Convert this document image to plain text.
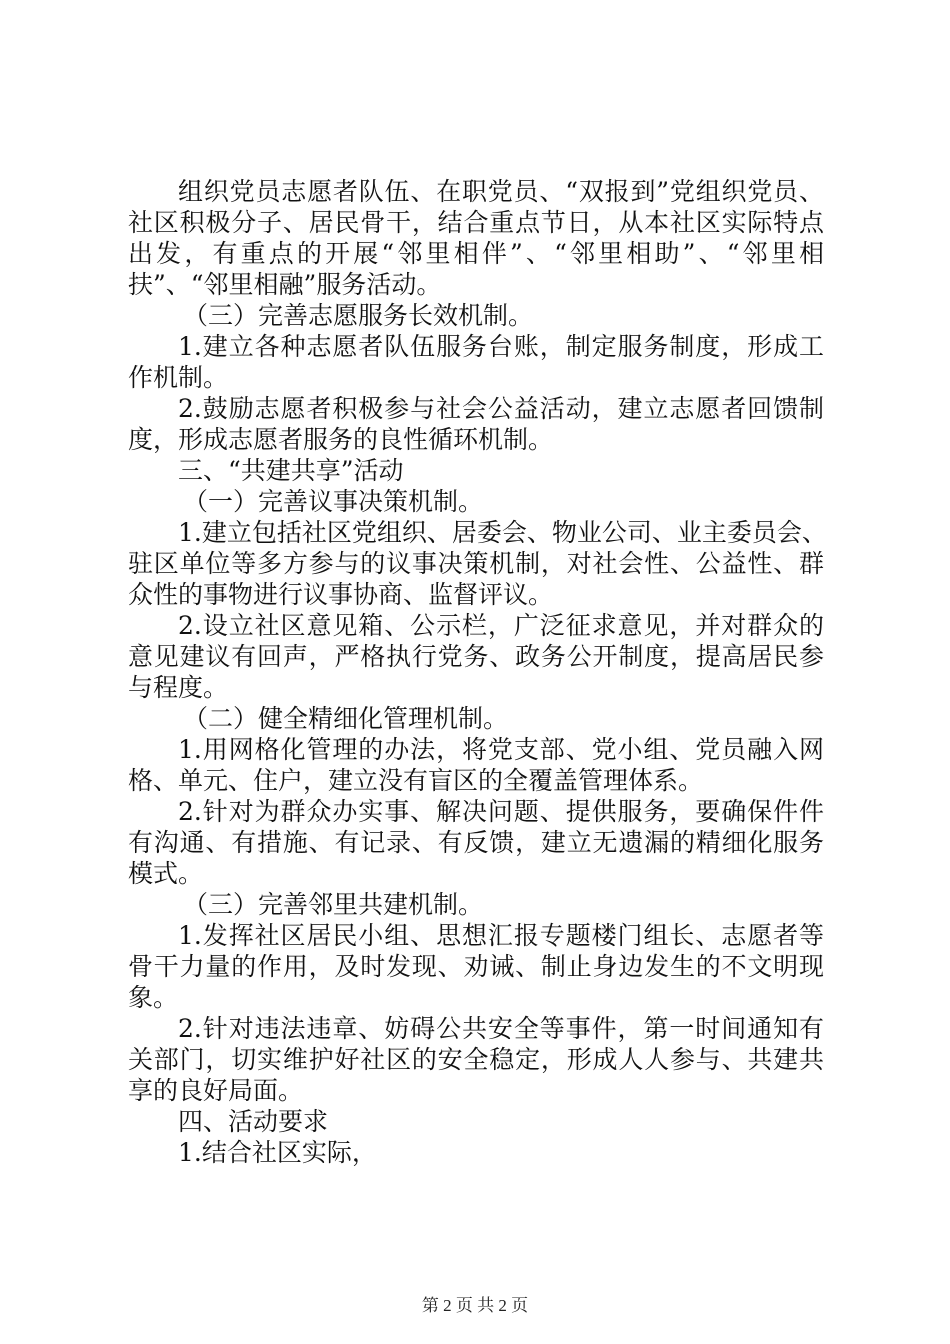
组织党员志愿者队伍、在职党员、“双报到”党组织党员、
社区积极分子、居民骨干，结合重点节日，从本社区实际特点
出发，有重点的开展“邻里相伴”、“邻里相助”、“邻里相
扶”、“邻里相融”服务活动。
（三）完善志愿服务长效机制。
1.建立各种志愿者队伍服务台账，制定服务制度，形成工
作机制。
2.鼓励志愿者积极参与社会公益活动，建立志愿者回馈制
度，形成志愿者服务的良性循环机制。
三、“共建共享”活动
（一）完善议事决策机制。
1.建立包括社区党组织、居委会、物业公司、业主委员会、
驻区单位等多方参与的议事决策机制，对社会性、公益性、群
众性的事物进行议事协商、监督评议。
2.设立社区意见箱、公示栏，广泛征求意见，并对群众的
意见建议有回声，严格执行党务、政务公开制度，提高居民参
与程度。
（二）健全精细化管理机制。
1.用网格化管理的办法，将党支部、党小组、党员融入网
格、单元、住户，建立没有盲区的全覆盖管理体系。
2.针对为群众办实事、解决问题、提供服务，要确保件件
有沟通、有措施、有记录、有反馈，建立无遗漏的精细化服务
模式。
（三）完善邻里共建机制。
1.发挥社区居民小组、思想汇报专题楼门组长、志愿者等
骨干力量的作用，及时发现、劝诫、制止身边发生的不文明现
象。
2.针对违法违章、妨碍公共安全等事件，第一时间通知有
关部门，切实维护好社区的安全稳定，形成人人参与、共建共
享的良好局面。
四、活动要求
1.结合社区实际，
第 2 页 共 2 页
